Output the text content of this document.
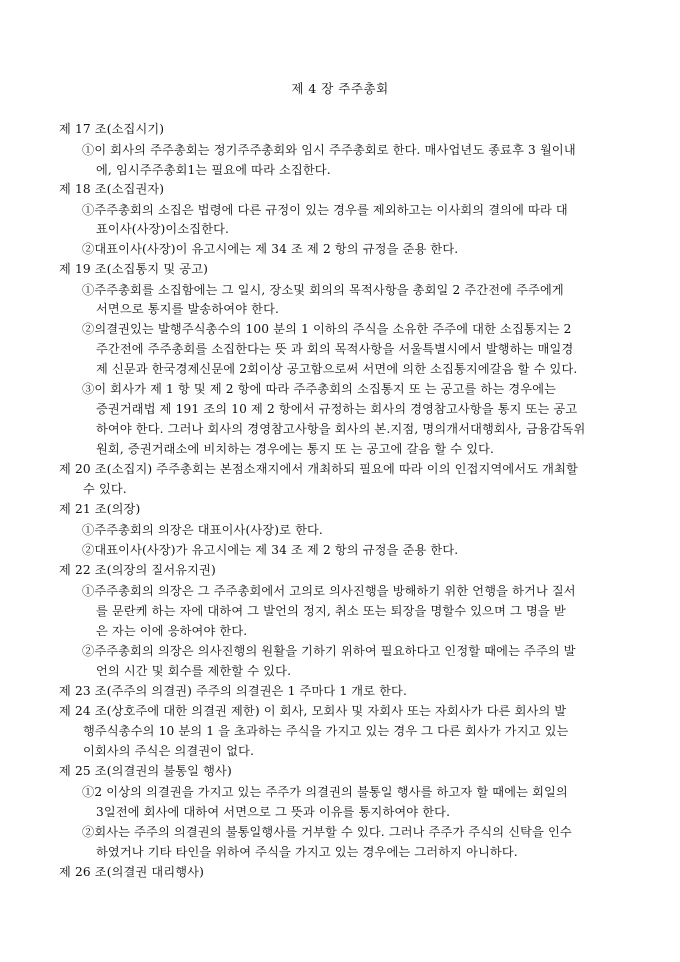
제 4 장 주주총회
제 17 조(소집시기)
①이 회사의 주주총회는 정기주주총회와 임시 주주총회로 한다. 매사업년도 종료후 3 월이내
에, 임시주주총회1는 필요에 따라 소집한다.
제 18 조(소집권자)
①주주총회의 소집은 법령에 다른 규정이 있는 경우를 제외하고는 이사회의 결의에 따라 대
표이사(사장)이소집한다.
②대표이사(사장)이 유고시에는 제 34 조 제 2 항의 규정을 준용 한다.
제 19 조(소집통지 및 공고)
①주주총회를 소집함에는 그 일시, 장소및 회의의 목적사항을 총회일 2 주간전에 주주에게
서면으로 통지를 발송하여야 한다.
②의결권있는 발행주식총수의 100 분의 1 이하의 주식을 소유한 주주에 대한 소집통지는 2
주간전에 주주총회를 소집한다는 뜻 과 회의 목적사항을 서울특별시에서 발행하는 매일경
제 신문과 한국경제신문에 2회이상 공고함으로써 서면에 의한 소집통지에갈음 할 수 있다.
③이 회사가 제 1 항 및 제 2 항에 따라 주주총회의 소집통지 또 는 공고를 하는 경우에는
증권거래법 제 191 조의 10 제 2 항에서 규정하는 회사의 경영참고사항을 통지 또는 공고
하여야 한다. 그러나 회사의 경영참고사항을 회사의 본.지점, 명의개서대행회사, 금융감독위
원회, 증권거래소에 비치하는 경우에는 통지 또 는 공고에 갈음 할 수 있다.
제 20 조(소집지) 주주총회는 본점소재지에서 개최하되 필요에 따라 이의 인접지역에서도 개최할
수 있다.
제 21 조(의장)
①주주총회의 의장은 대표이사(사장)로 한다.
②대표이사(사장)가 유고시에는 제 34 조 제 2 항의 규정을 준용 한다.
제 22 조(의장의 질서유지권)
①주주총회의 의장은 그 주주총회에서 고의로 의사진행을 방해하기 위한 언행을 하거나 질서
를 문란케 하는 자에 대하여 그 발언의 정지, 취소 또는 퇴장을 명할수 있으며 그 명을 받
은 자는 이에 응하여야 한다.
②주주총회의 의장은 의사진행의 원활을 기하기 위하여 필요하다고 인정할 때에는 주주의 발
언의 시간 및 회수를 제한할 수 있다.
제 23 조(주주의 의결권) 주주의 의결권은 1 주마다 1 개로 한다.
제 24 조(상호주에 대한 의결권 제한) 이 회사, 모회사 및 자회사 또는 자회사가 다른 회사의 발
행주식총수의 10 분의 1 을 초과하는 주식을 가지고 있는 경우 그 다른 회사가 가지고 있는
이회사의 주식은 의결권이 없다.
제 25 조(의결권의 불통일 행사)
①2 이상의 의결권을 가지고 있는 주주가 의결권의 불통일 행사를 하고자 할 때에는 회일의
3일전에 회사에 대하여 서면으로 그 뜻과 이유를 통지하여야 한다.
②회사는 주주의 의결권의 불통일행사를 거부할 수 있다. 그러나 주주가 주식의 신탁을 인수
하였거나 기타 타인을 위하여 주식을 가지고 있는 경우에는 그러하지 아니하다.
제 26 조(의결권 대리행사)
